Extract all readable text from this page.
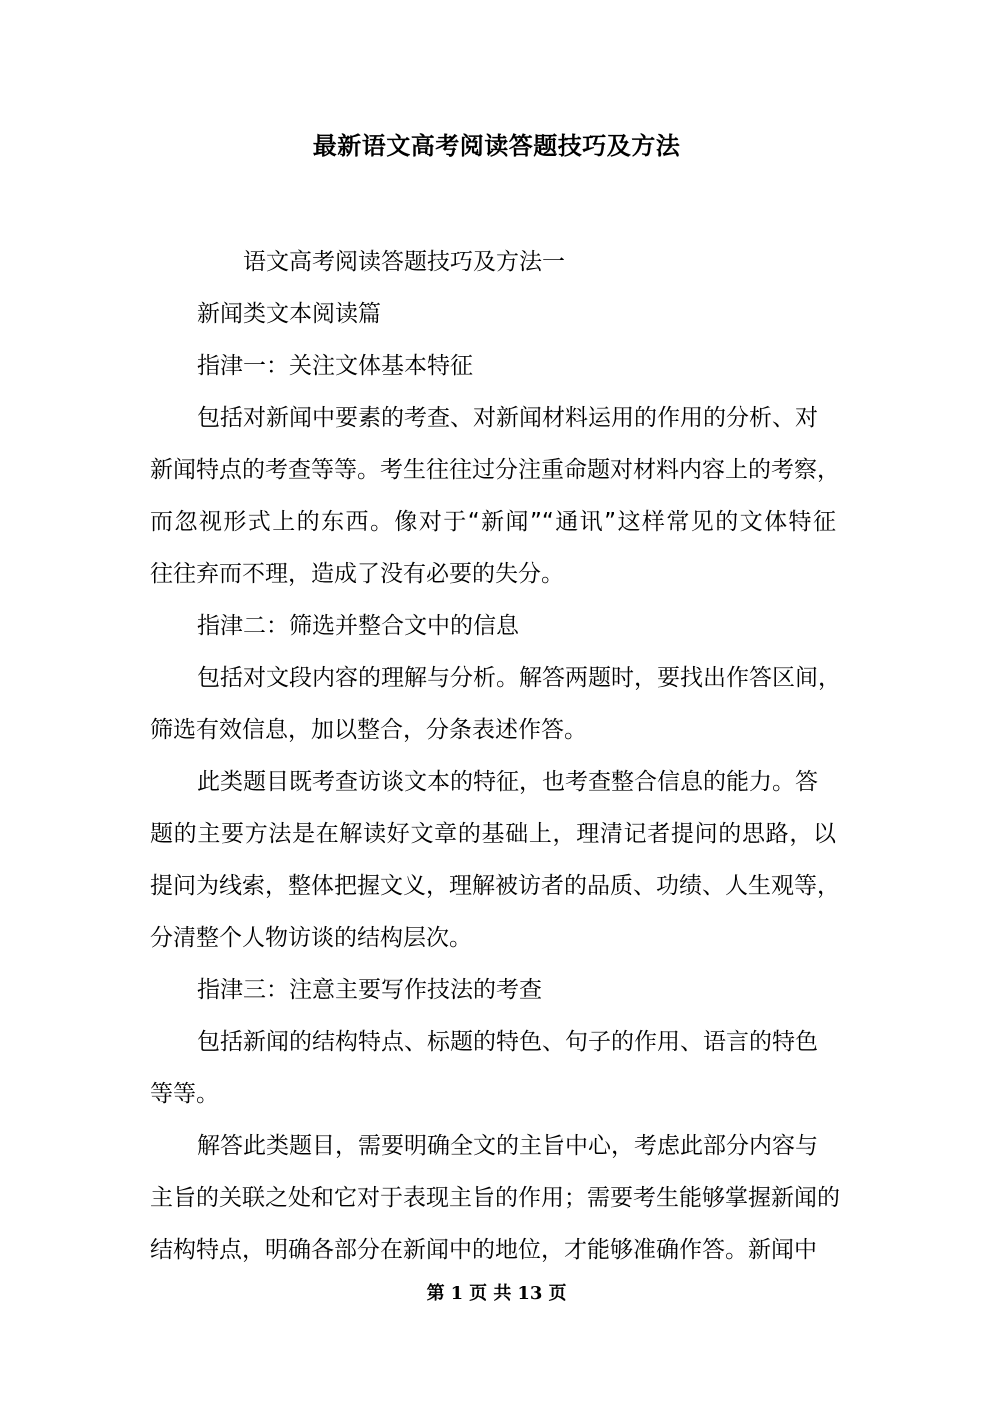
最新语文高考阅读答题技巧及方法

语文高考阅读答题技巧及方法一

新闻类文本阅读篇

指津一：关注文体基本特征

包括对新闻中要素的考查、对新闻材料运用的作用的分析、对

新闻特点的考查等等。考生往往过分注重命题对材料内容上的考察，

而忽视形式上的东西。像对于“新闻”“通讯”这样常见的文体特征

往往弃而不理，造成了没有必要的失分。

指津二：筛选并整合文中的信息

包括对文段内容的理解与分析。解答两题时，要找出作答区间，

筛选有效信息，加以整合，分条表述作答。

此类题目既考查访谈文本的特征，也考查整合信息的能力。答

题的主要方法是在解读好文章的基础上，理清记者提问的思路，以

提问为线索，整体把握文义，理解被访者的品质、功绩、人生观等，

分清整个人物访谈的结构层次。

指津三：注意主要写作技法的考查

包括新闻的结构特点、标题的特色、句子的作用、语言的特色

等等。

解答此类题目，需要明确全文的主旨中心，考虑此部分内容与

主旨的关联之处和它对于表现主旨的作用；需要考生能够掌握新闻的

结构特点，明确各部分在新闻中的地位，才能够准确作答。新闻中

第 1 页 共 13 页
